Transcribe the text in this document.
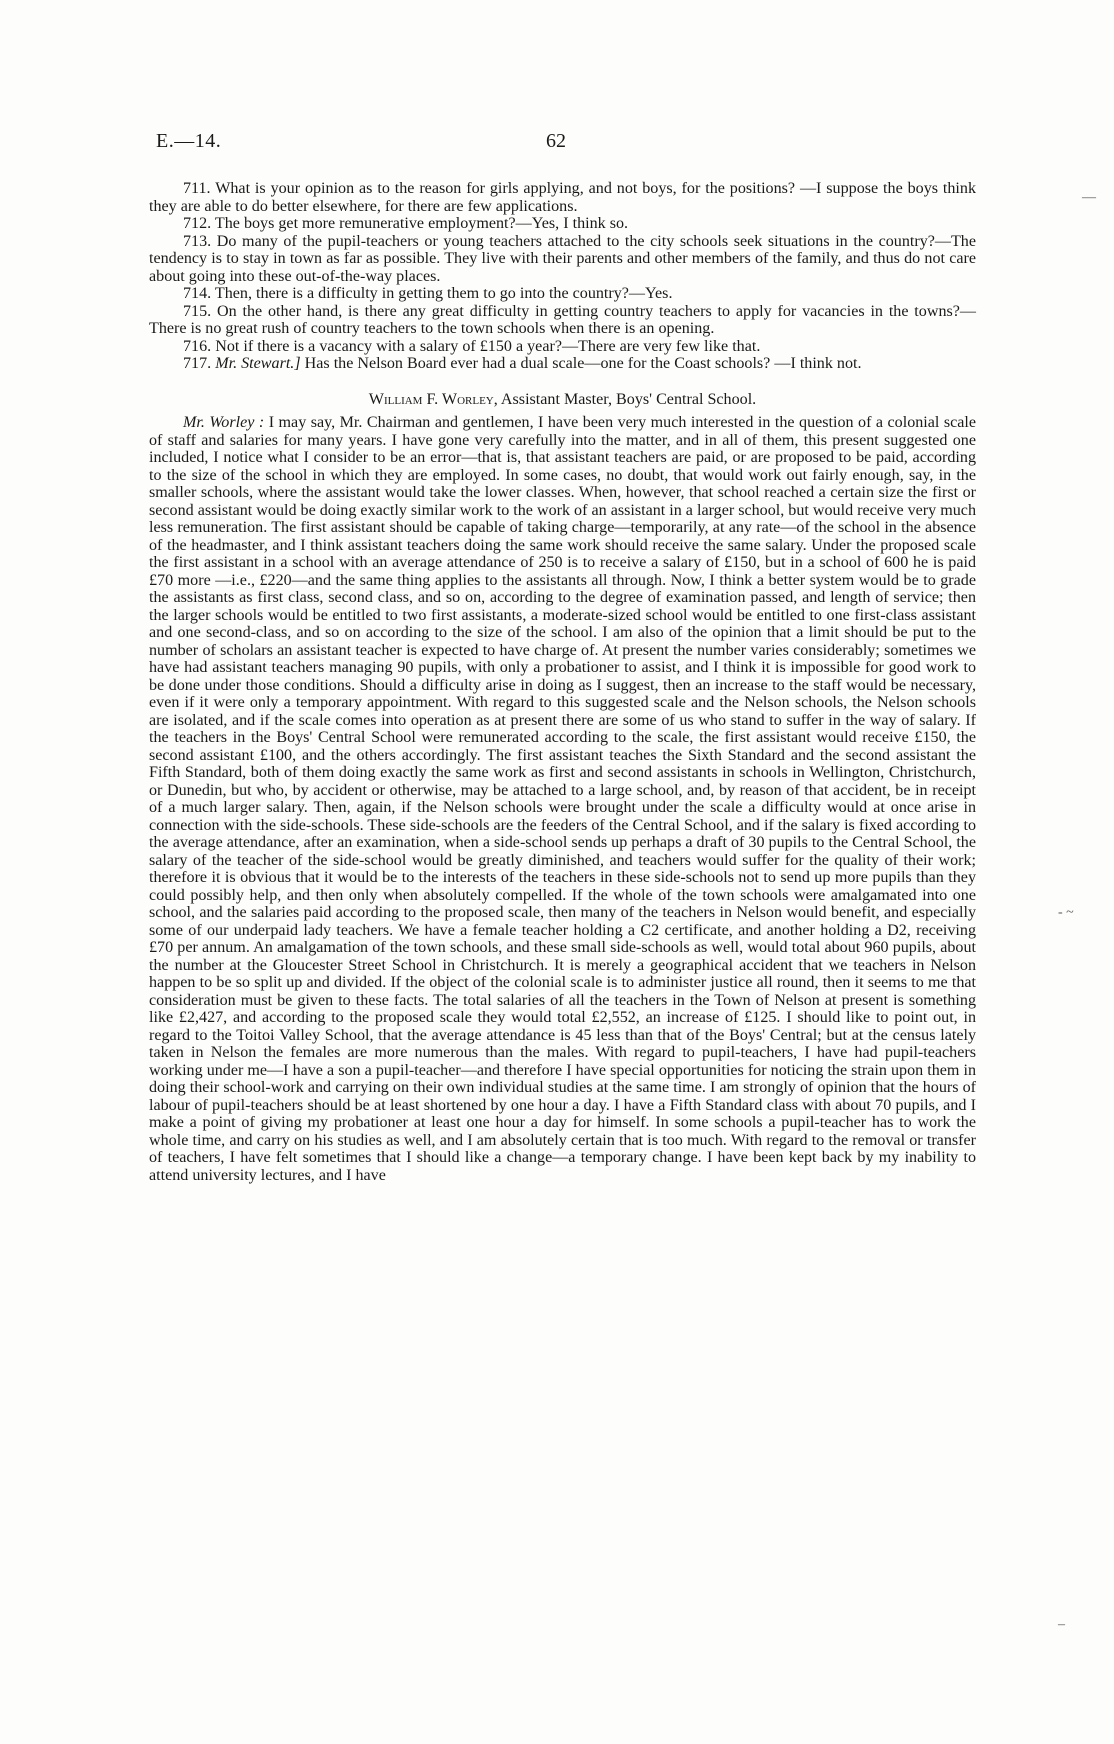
E.—14.	62

711. What is your opinion as to the reason for girls applying, and not boys, for the positions? —I suppose the boys think they are able to do better elsewhere, for there are few applications.

712. The boys get more remunerative employment?—Yes, I think so.

713. Do many of the pupil-teachers or young teachers attached to the city schools seek situations in the country?—The tendency is to stay in town as far as possible. They live with their parents and other members of the family, and thus do not care about going into these out-of-the-way places.

714. Then, there is a difficulty in getting them to go into the country?—Yes.

715. On the other hand, is there any great difficulty in getting country teachers to apply for vacancies in the towns?—There is no great rush of country teachers to the town schools when there is an opening.

716. Not if there is a vacancy with a salary of £150 a year?—There are very few like that.

717. Mr. Stewart.] Has the Nelson Board ever had a dual scale—one for the Coast schools? —I think not.

William F. Worley, Assistant Master, Boys' Central School.

Mr. Worley : I may say, Mr. Chairman and gentlemen, I have been very much interested in the question of a colonial scale of staff and salaries for many years. I have gone very carefully into the matter, and in all of them, this present suggested one included, I notice what I consider to be an error—that is, that assistant teachers are paid, or are proposed to be paid, according to the size of the school in which they are employed. In some cases, no doubt, that would work out fairly enough, say, in the smaller schools, where the assistant would take the lower classes. When, however, that school reached a certain size the first or second assistant would be doing exactly similar work to the work of an assistant in a larger school, but would receive very much less remuneration. The first assistant should be capable of taking charge—temporarily, at any rate—of the school in the absence of the headmaster, and I think assistant teachers doing the same work should receive the same salary. Under the proposed scale the first assistant in a school with an average attendance of 250 is to receive a salary of £150, but in a school of 600 he is paid £70 more —i.e., £220—and the same thing applies to the assistants all through. Now, I think a better system would be to grade the assistants as first class, second class, and so on, according to the degree of examination passed, and length of service; then the larger schools would be entitled to two first assistants, a moderate-sized school would be entitled to one first-class assistant and one second-class, and so on according to the size of the school. I am also of the opinion that a limit should be put to the number of scholars an assistant teacher is expected to have charge of. At present the number varies considerably; sometimes we have had assistant teachers managing 90 pupils, with only a probationer to assist, and I think it is impossible for good work to be done under those conditions. Should a difficulty arise in doing as I suggest, then an increase to the staff would be necessary, even if it were only a temporary appointment. With regard to this suggested scale and the Nelson schools, the Nelson schools are isolated, and if the scale comes into operation as at present there are some of us who stand to suffer in the way of salary. If the teachers in the Boys' Central School were remunerated according to the scale, the first assistant would receive £150, the second assistant £100, and the others accordingly. The first assistant teaches the Sixth Standard and the second assistant the Fifth Standard, both of them doing exactly the same work as first and second assistants in schools in Wellington, Christchurch, or Dunedin, but who, by accident or otherwise, may be attached to a large school, and, by reason of that accident, be in receipt of a much larger salary. Then, again, if the Nelson schools were brought under the scale a difficulty would at once arise in connection with the side-schools. These side-schools are the feeders of the Central School, and if the salary is fixed according to the average attendance, after an examination, when a side-school sends up perhaps a draft of 30 pupils to the Central School, the salary of the teacher of the side-school would be greatly diminished, and teachers would suffer for the quality of their work; therefore it is obvious that it would be to the interests of the teachers in these side-schools not to send up more pupils than they could possibly help, and then only when absolutely compelled. If the whole of the town schools were amalgamated into one school, and the salaries paid according to the proposed scale, then many of the teachers in Nelson would benefit, and especially some of our underpaid lady teachers. We have a female teacher holding a C2 certificate, and another holding a D2, receiving £70 per annum. An amalgamation of the town schools, and these small side-schools as well, would total about 960 pupils, about the number at the Gloucester Street School in Christchurch. It is merely a geographical accident that we teachers in Nelson happen to be so split up and divided. If the object of the colonial scale is to administer justice all round, then it seems to me that consideration must be given to these facts. The total salaries of all the teachers in the Town of Nelson at present is something like £2,427, and according to the proposed scale they would total £2,552, an increase of £125. I should like to point out, in regard to the Toitoi Valley School, that the average attendance is 45 less than that of the Boys' Central; but at the census lately taken in Nelson the females are more numerous than the males. With regard to pupil-teachers, I have had pupil-teachers working under me—I have a son a pupil-teacher—and therefore I have special opportunities for noticing the strain upon them in doing their school-work and carrying on their own individual studies at the same time. I am strongly of opinion that the hours of labour of pupil-teachers should be at least shortened by one hour a day. I have a Fifth Standard class with about 70 pupils, and I make a point of giving my probationer at least one hour a day for himself. In some schools a pupil-teacher has to work the whole time, and carry on his studies as well, and I am absolutely certain that is too much. With regard to the removal or transfer of teachers, I have felt sometimes that I should like a change—a temporary change. I have been kept back by my inability to attend university lectures, and I have

—
- ~
–
